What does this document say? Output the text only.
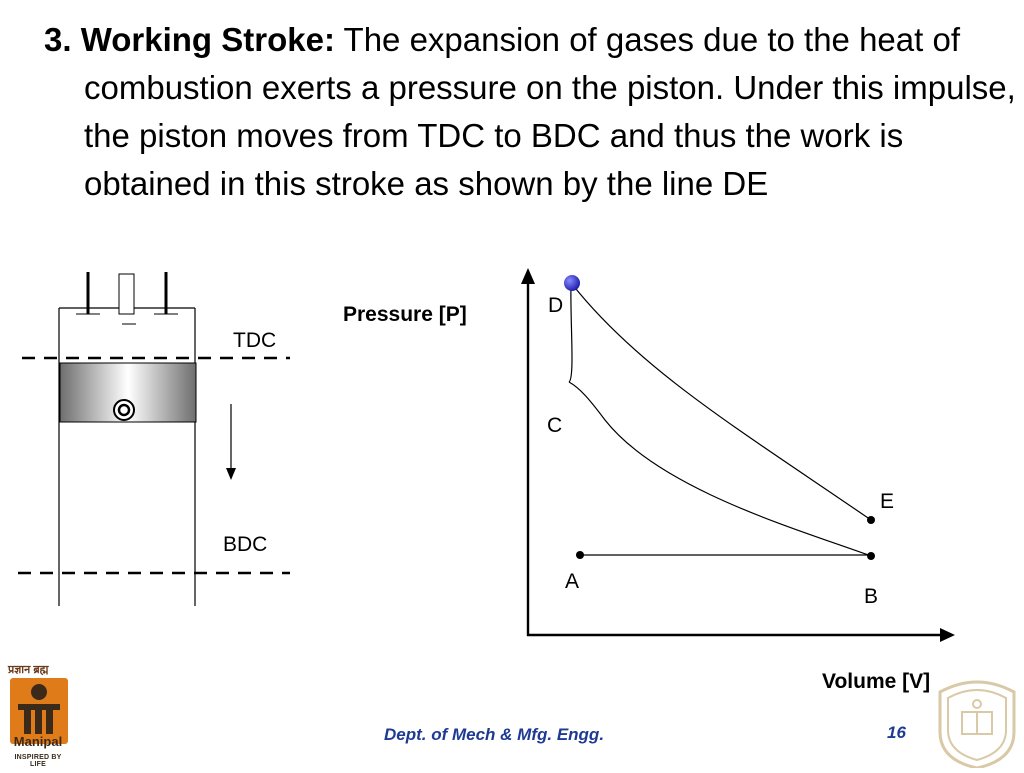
3. Working Stroke: The expansion of gases due to the heat of combustion exerts a pressure on the piston. Under this impulse, the piston moves from TDC to BDC and thus the work is obtained in this stroke as shown by the line DE
TDC
BDC
D
C
E
A
B
Pressure [P]
Volume [V]
Dept. of Mech & Mfg. Engg.	16
प्रज्ञान ब्रह्म
Manipal
INSPIRED BY LIFE
